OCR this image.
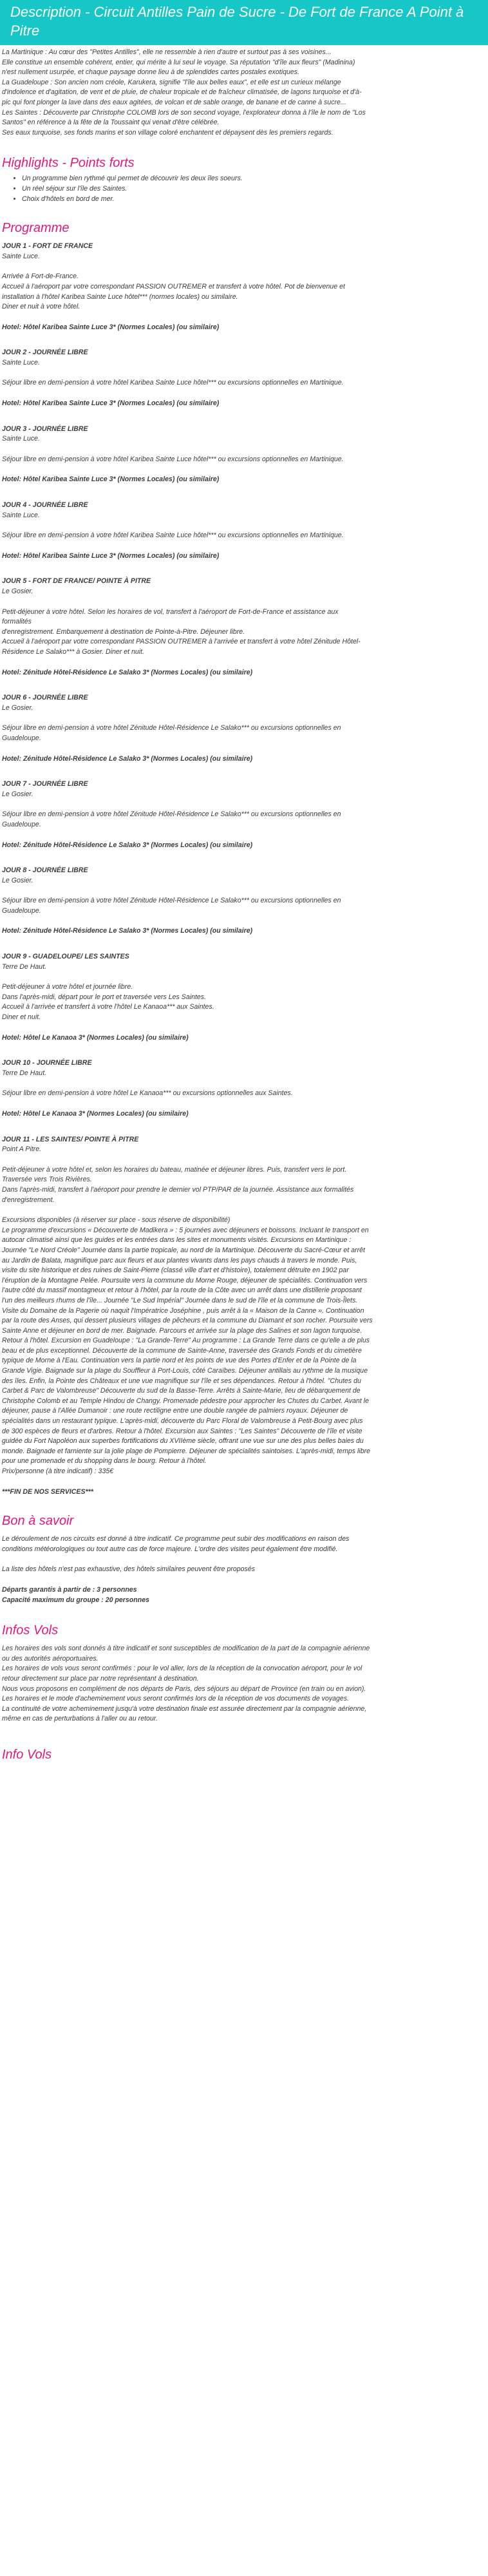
Description - Circuit Antilles Pain de Sucre - De Fort de France A Point à Pitre

La Martinique : Au cœur des "Petites Antilles", elle ne ressemble à rien d'autre et surtout pas à ses voisines...

Elle constitue un ensemble cohérent, entier, qui mérite à lui seul le voyage. Sa réputation "d'île aux fleurs" (Madinina)

n'est nullement usurpée, et chaque paysage donne lieu à de splendides cartes postales exotiques.

La Guadeloupe : Son ancien nom créole, Karukera, signifie "l'île aux belles eaux", et elle est un curieux mélange

d'indolence et d'agitation, de vent et de pluie, de chaleur tropicale et de fraîcheur climatisée, de lagons turquoise et d'à-

pic qui font plonger la lave dans des eaux agitées, de volcan et de sable orange, de banane et de canne à sucre...

Les Saintes : Découverte par Christophe COLOMB lors de son second voyage, l'explorateur donna à l'île le nom de "Los

Santos" en référence à la fête de la Toussaint qui venait d'être célébrée.

Ses eaux turquoise, ses fonds marins et son village coloré enchantent et dépaysent dès les premiers regards.

Highlights - Points forts
• Un programme bien rythmé qui permet de découvrir les deux îles soeurs.
• Un réel séjour sur l'île des Saintes.
• Choix d'hôtels en bord de mer.
Programme

JOUR 1 - FORT DE FRANCE

Sainte Luce.

Arrivée à Fort-de-France.

Accueil à l'aéroport par votre correspondant PASSION OUTREMER et transfert à votre hôtel. Pot de bienvenue et

installation à l'hôtel Karibea Sainte Luce hôtel*** (normes locales) ou similaire.

Diner et nuit à votre hôtel.

Hotel: Hôtel Karibea Sainte Luce 3* (Normes Locales) (ou similaire)

JOUR 2 - JOURNÉE LIBRE

Sainte Luce.

Séjour libre en demi-pension à votre hôtel Karibea Sainte Luce hôtel*** ou excursions optionnelles en Martinique.

Hotel: Hôtel Karibea Sainte Luce 3* (Normes Locales) (ou similaire)

JOUR 3 - JOURNÉE LIBRE

Sainte Luce.

Séjour libre en demi-pension à votre hôtel Karibea Sainte Luce hôtel*** ou excursions optionnelles en Martinique.

Hotel: Hôtel Karibea Sainte Luce 3* (Normes Locales) (ou similaire)

JOUR 4 - JOURNÉE LIBRE

Sainte Luce.

Séjour libre en demi-pension à votre hôtel Karibea Sainte Luce hôtel*** ou excursions optionnelles en Martinique.

Hotel: Hôtel Karibea Sainte Luce 3* (Normes Locales) (ou similaire)

JOUR 5 - FORT DE FRANCE/ POINTE À PITRE

Le Gosier.

Petit-déjeuner à votre hôtel. Selon les horaires de vol, transfert à l'aéroport de Fort-de-France et assistance aux

formalités

d'enregistrement. Embarquement à destination de Pointe-à-Pitre. Déjeuner libre.

Accueil à l'aéroport par votre correspondant PASSION OUTREMER à l'arrivée et transfert à votre hôtel Zénitude Hôtel-

Résidence Le Salako*** à Gosier. Diner et nuit.

Hotel: Zénitude Hôtel-Résidence Le Salako 3* (Normes Locales) (ou similaire)

JOUR 6 - JOURNÉE LIBRE

Le Gosier.

Séjour libre en demi-pension à votre hôtel Zénitude Hôtel-Résidence Le Salako*** ou excursions optionnelles en

Guadeloupe.

Hotel: Zénitude Hôtel-Résidence Le Salako 3* (Normes Locales) (ou similaire)

JOUR 7 - JOURNÉE LIBRE

Le Gosier.

Séjour libre en demi-pension à votre hôtel Zénitude Hôtel-Résidence Le Salako*** ou excursions optionnelles en

Guadeloupe.

Hotel: Zénitude Hôtel-Résidence Le Salako 3* (Normes Locales) (ou similaire)

JOUR 8 - JOURNÉE LIBRE

Le Gosier.

Séjour libre en demi-pension à votre hôtel Zénitude Hôtel-Résidence Le Salako*** ou excursions optionnelles en

Guadeloupe.

Hotel: Zénitude Hôtel-Résidence Le Salako 3* (Normes Locales) (ou similaire)

JOUR 9 - GUADELOUPE/ LES SAINTES

Terre De Haut.

Petit-déjeuner à votre hôtel et journée libre.

Dans l'après-midi, départ pour le port et traversée vers Les Saintes.

Accueil à l'arrivée et transfert à votre l'hôtel Le Kanaoa*** aux Saintes.

Diner et nuit.

Hotel: Hôtel Le Kanaoa 3* (Normes Locales) (ou similaire)

JOUR 10 - JOURNÉE LIBRE

Terre De Haut.

Séjour libre en demi-pension à votre hôtel Le Kanaoa*** ou excursions optionnelles aux Saintes.

Hotel: Hôtel Le Kanaoa 3* (Normes Locales) (ou similaire)

JOUR 11 - LES SAINTES/ POINTE À PITRE

Point A Pitre.

Petit-déjeuner à votre hôtel et, selon les horaires du bateau, matinée et déjeuner libres. Puis, transfert vers le port.

Traversée vers Trois Rivières.

Dans l'après-midi, transfert à l'aéroport pour prendre le dernier vol PTP/PAR de la journée. Assistance aux formalités

d'enregistrement.

Excursions disponibles (à réserver sur place - sous réserve de disponibilité)

Le programme d'excursions « Découverte de Madikera » : 5 journées avec déjeuners et boissons. Incluant le transport en

autocar climatisé ainsi que les guides et les entrées dans les sites et monuments visités. Excursions en Martinique :

Journée "Le Nord Créole" Journée dans la partie tropicale, au nord de la Martinique. Découverte du Sacré-Cœur et arrêt

au Jardin de Balata, magnifique parc aux fleurs et aux plantes vivants dans les pays chauds à travers le monde. Puis,

visite du site historique et des ruines de Saint-Pierre (classé ville d'art et d'histoire), totalement détruite en 1902 par

l'éruption de la Montagne Pelée. Poursuite vers la commune du Morne Rouge, déjeuner de spécialités. Continuation vers

l'autre côté du massif montagneux et retour à l'hôtel, par la route de la Côte avec un arrêt dans une distillerie proposant

l'un des meilleurs rhums de l'île... Journée "Le Sud Impérial" Journée dans le sud de l'île et la commune de Trois-Îlets.

Visite du Domaine de la Pagerie où naquit l'Impératrice Joséphine , puis arrêt à la « Maison de la Canne ». Continuation

par la route des Anses, qui dessert plusieurs villages de pêcheurs et la commune du Diamant et son rocher. Poursuite vers

Sainte Anne et déjeuner en bord de mer. Baignade. Parcours et arrivée sur la plage des Salines et son lagon turquoise.

Retour à l'hôtel. Excursion en Guadeloupe : "La Grande-Terre" Au programme : La Grande Terre dans ce qu'elle a de plus

beau et de plus exceptionnel. Découverte de la commune de Sainte-Anne, traversée des Grands Fonds et du cimetière

typique de Morne à l'Eau. Continuation vers la partie nord et les points de vue des Portes d'Enfer et de la Pointe de la

Grande Vigie. Baignade sur la plage du Souffleur à Port-Louis, côté Caraïbes. Déjeuner antillais au rythme de la musique

des îles. Enfin, la Pointe des Châteaux et une vue magnifique sur l'île et ses dépendances. Retour à l'hôtel. "Chutes du

Carbet & Parc de Valombreuse" Découverte du sud de la Basse-Terre. Arrêts à Sainte-Marie, lieu de débarquement de

Christophe Colomb et au Temple Hindou de Changy. Promenade pédestre pour approcher les Chutes du Carbet. Avant le

déjeuner, pause à l'Allée Dumanoir : une route rectiligne entre une double rangée de palmiers royaux. Déjeuner de

spécialités dans un restaurant typique. L'après-midi, découverte du Parc Floral de Valombreuse à Petit-Bourg avec plus

de 300 espèces de fleurs et d'arbres. Retour à l'hôtel. Excursion aux Saintes : "Les Saintes" Découverte de l'île et visite

guidée du Fort Napoléon aux superbes fortifications du XVIIème siècle, offrant une vue sur une des plus belles baies du

monde. Baignade et farniente sur la jolie plage de Pompierre. Déjeuner de spécialités saintoises. L'après-midi, temps libre

pour une promenade et du shopping dans le bourg. Retour à l'hôtel.

Prix/personne (à titre indicatif) : 335€

***FIN DE NOS SERVICES***

Bon à savoir

Le déroulement de nos circuits est donné à titre indicatif. Ce programme peut subir des modifications en raison des

conditions météorologiques ou tout autre cas de force majeure. L'ordre des visites peut également être modifié.

La liste des hôtels n'est pas exhaustive, des hôtels similaires peuvent être proposés

Départs garantis à partir de : 3 personnes

Capacité maximum du groupe : 20 personnes

Infos Vols

Les horaires des vols sont donnés à titre indicatif et sont susceptibles de modification de la part de la compagnie aérienne

ou des autorités aéroportuaires.

Les horaires de vols vous seront confirmés : pour le vol aller, lors de la réception de la convocation aéroport, pour le vol

retour directement sur place par notre représentant à destination.

Nous vous proposons en complément de nos départs de Paris, des séjours au départ de Province (en train ou en avion).

Les horaires et le mode d'acheminement vous seront confirmés lors de la réception de vos documents de voyages.

La continuité de votre acheminement jusqu'à votre destination finale est assurée directement par la compagnie aérienne,

même en cas de perturbations à l'aller ou au retour.

Info Vols
